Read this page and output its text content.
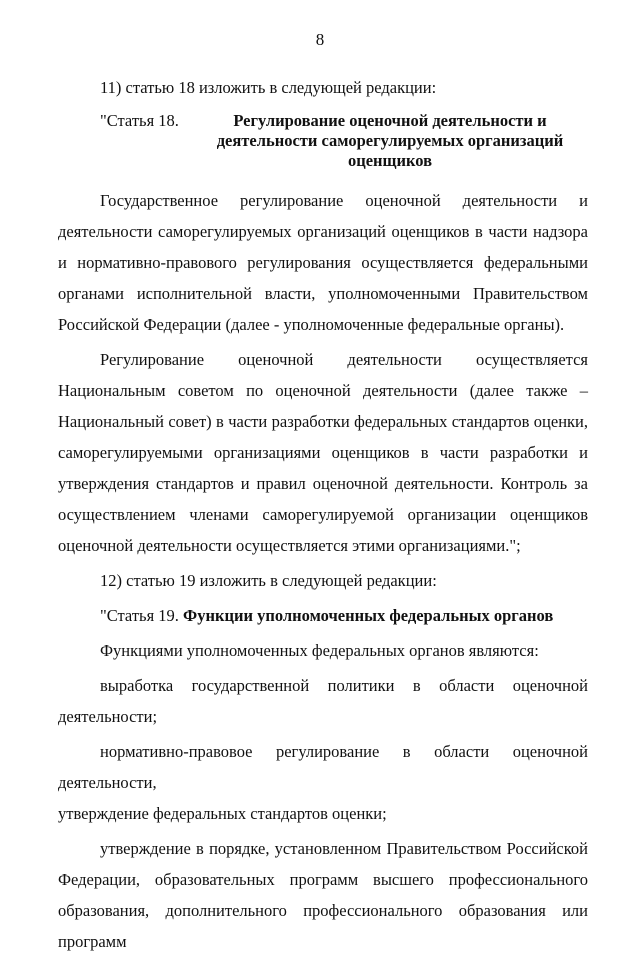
8

11) статью 18 изложить в следующей редакции:

"Статья 18.	Регулирование оценочной деятельности и деятельности саморегулируемых организаций оценщиков

Государственное регулирование оценочной деятельности и деятельности саморегулируемых организаций оценщиков в части надзора и нормативно-правового регулирования осуществляется федеральными органами исполнительной власти, уполномоченными Правительством Российской Федерации (далее - уполномоченные федеральные органы).

Регулирование оценочной деятельности осуществляется Национальным советом по оценочной деятельности (далее также – Национальный совет) в части разработки федеральных стандартов оценки, саморегулируемыми организациями оценщиков в части разработки и утверждения стандартов и правил оценочной деятельности. Контроль за осуществлением членами саморегулируемой организации оценщиков оценочной деятельности осуществляется этими организациями.";

12) статью 19 изложить в следующей редакции:

"Статья 19. Функции уполномоченных федеральных органов

Функциями уполномоченных федеральных органов являются:

выработка государственной политики в области оценочной деятельности;

нормативно-правовое регулирование в области оценочной деятельности,

утверждение федеральных стандартов оценки;

утверждение в порядке, установленном Правительством Российской Федерации, образовательных программ высшего профессионального образования, дополнительного профессионального образования или программ
